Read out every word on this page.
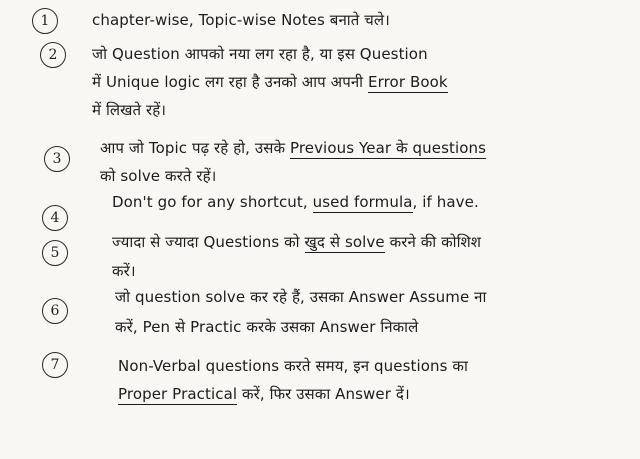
1	chapter-wise, Topic-wise Notes बनाते चले।
2	जो Question आपको नया लग रहा है, या इस Question
में Unique logic लग रहा है उनको आप अपनी Error Book
में लिखते रहें।
3
आप जो Topic पढ़ रहे हो, उसके Previous Year के questions
को solve करते रहें।
4
Don't go for any shortcut, used formula, if have.
5
ज्यादा से ज्यादा Questions को खुद से solve करने की कोशिश
करें।
6
जो question solve कर रहे हैं, उसका Answer Assume ना
करें, Pen से Practic करके उसका Answer निकाले
7	Non-Verbal questions करते समय, इन questions का
Proper Practical करें, फिर उसका Answer दें।
